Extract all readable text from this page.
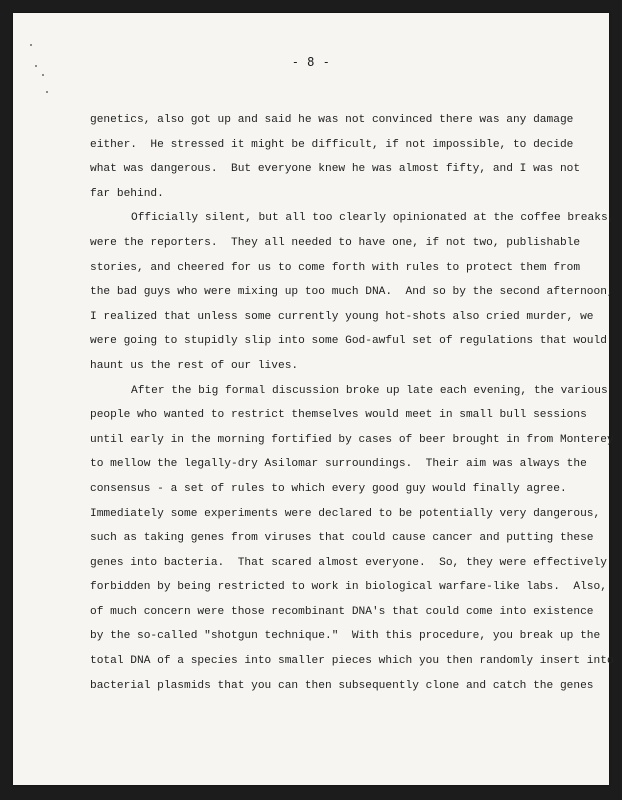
- 8 -
genetics, also got up and said he was not convinced there was any damage
either.  He stressed it might be difficult, if not impossible, to decide
what was dangerous.  But everyone knew he was almost fifty, and I was not
far behind.
Officially silent, but all too clearly opinionated at the coffee breaks,
were the reporters.  They all needed to have one, if not two, publishable
stories, and cheered for us to come forth with rules to protect them from
the bad guys who were mixing up too much DNA.  And so by the second afternoon,
I realized that unless some currently young hot-shots also cried murder, we
were going to stupidly slip into some God-awful set of regulations that would
haunt us the rest of our lives.
After the big formal discussion broke up late each evening, the various
people who wanted to restrict themselves would meet in small bull sessions
until early in the morning fortified by cases of beer brought in from Monterey
to mellow the legally-dry Asilomar surroundings.  Their aim was always the
consensus - a set of rules to which every good guy would finally agree.
Immediately some experiments were declared to be potentially very dangerous,
such as taking genes from viruses that could cause cancer and putting these
genes into bacteria.  That scared almost everyone.  So, they were effectively
forbidden by being restricted to work in biological warfare-like labs.  Also,
of much concern were those recombinant DNA's that could come into existence
by the so-called "shotgun technique."  With this procedure, you break up the
total DNA of a species into smaller pieces which you then randomly insert into
bacterial plasmids that you can then subsequently clone and catch the genes
